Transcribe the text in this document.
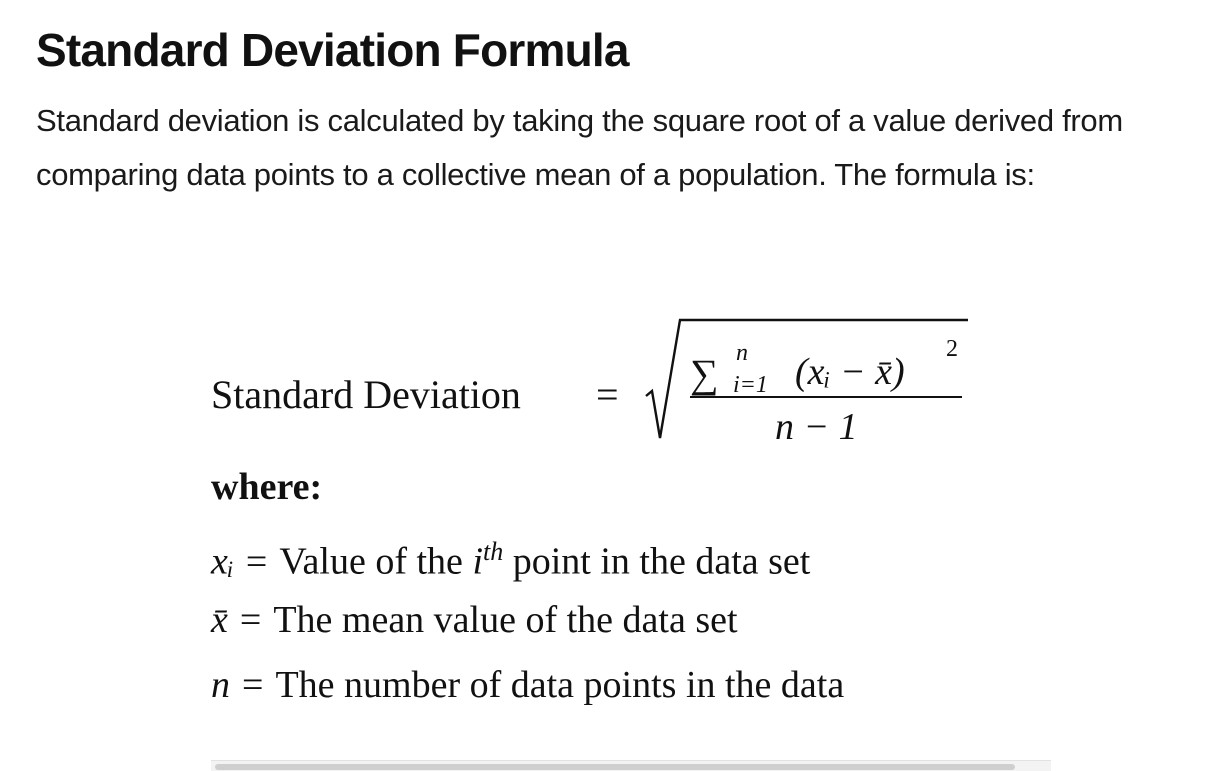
Standard Deviation Formula

Standard deviation is calculated by taking the square root of a value derived from comparing data points to a collective mean of a population. The formula is:

Standard Deviation = ∑ n
i=1 (xᵢ − x̄)
2
n − 1
where:
xᵢ = Value of the $i^{th}$ point in the data set
x̄ = The mean value of the data set
n = The number of data points in the data
